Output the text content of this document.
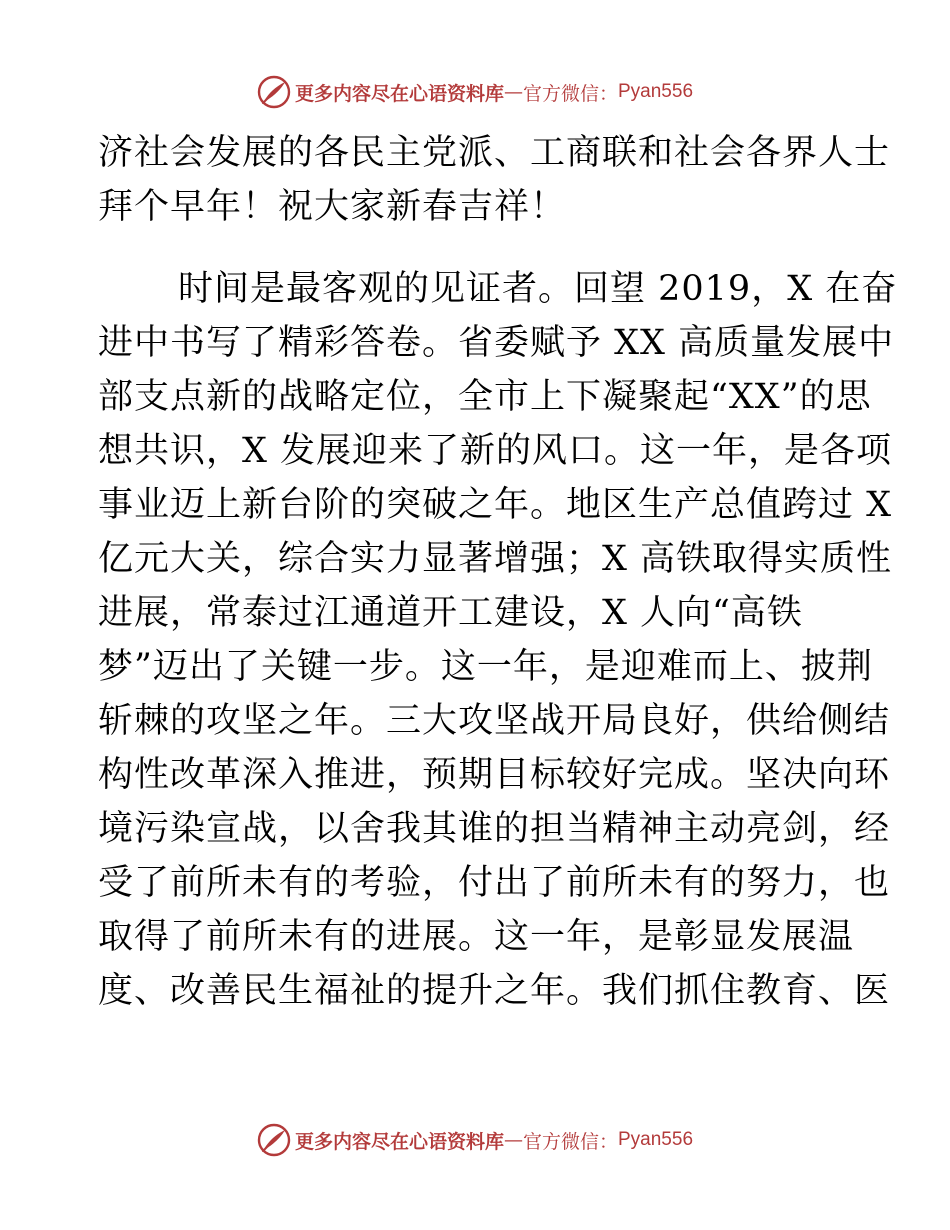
更多内容尽在心语资料库 — 官方微信： Pyan556
济社会发展的各民主党派、工商联和社会各界人士
拜个早年！祝大家新春吉祥！
时间是最客观的见证者。回望 2019，X 在奋
进中书写了精彩答卷。省委赋予 XX 高质量发展中
部支点新的战略定位，全市上下凝聚起“XX”的思
想共识，X 发展迎来了新的风口。这一年，是各项
事业迈上新台阶的突破之年。地区生产总值跨过 X
亿元大关，综合实力显著增强；X 高铁取得实质性
进展，常泰过江通道开工建设，X 人向“高铁
梦”迈出了关键一步。这一年，是迎难而上、披荆
斩棘的攻坚之年。三大攻坚战开局良好，供给侧结
构性改革深入推进，预期目标较好完成。坚决向环
境污染宣战，以舍我其谁的担当精神主动亮剑，经
受了前所未有的考验，付出了前所未有的努力，也
取得了前所未有的进展。这一年，是彰显发展温
度、改善民生福祉的提升之年。我们抓住教育、医
更多内容尽在心语资料库 — 官方微信： Pyan556
